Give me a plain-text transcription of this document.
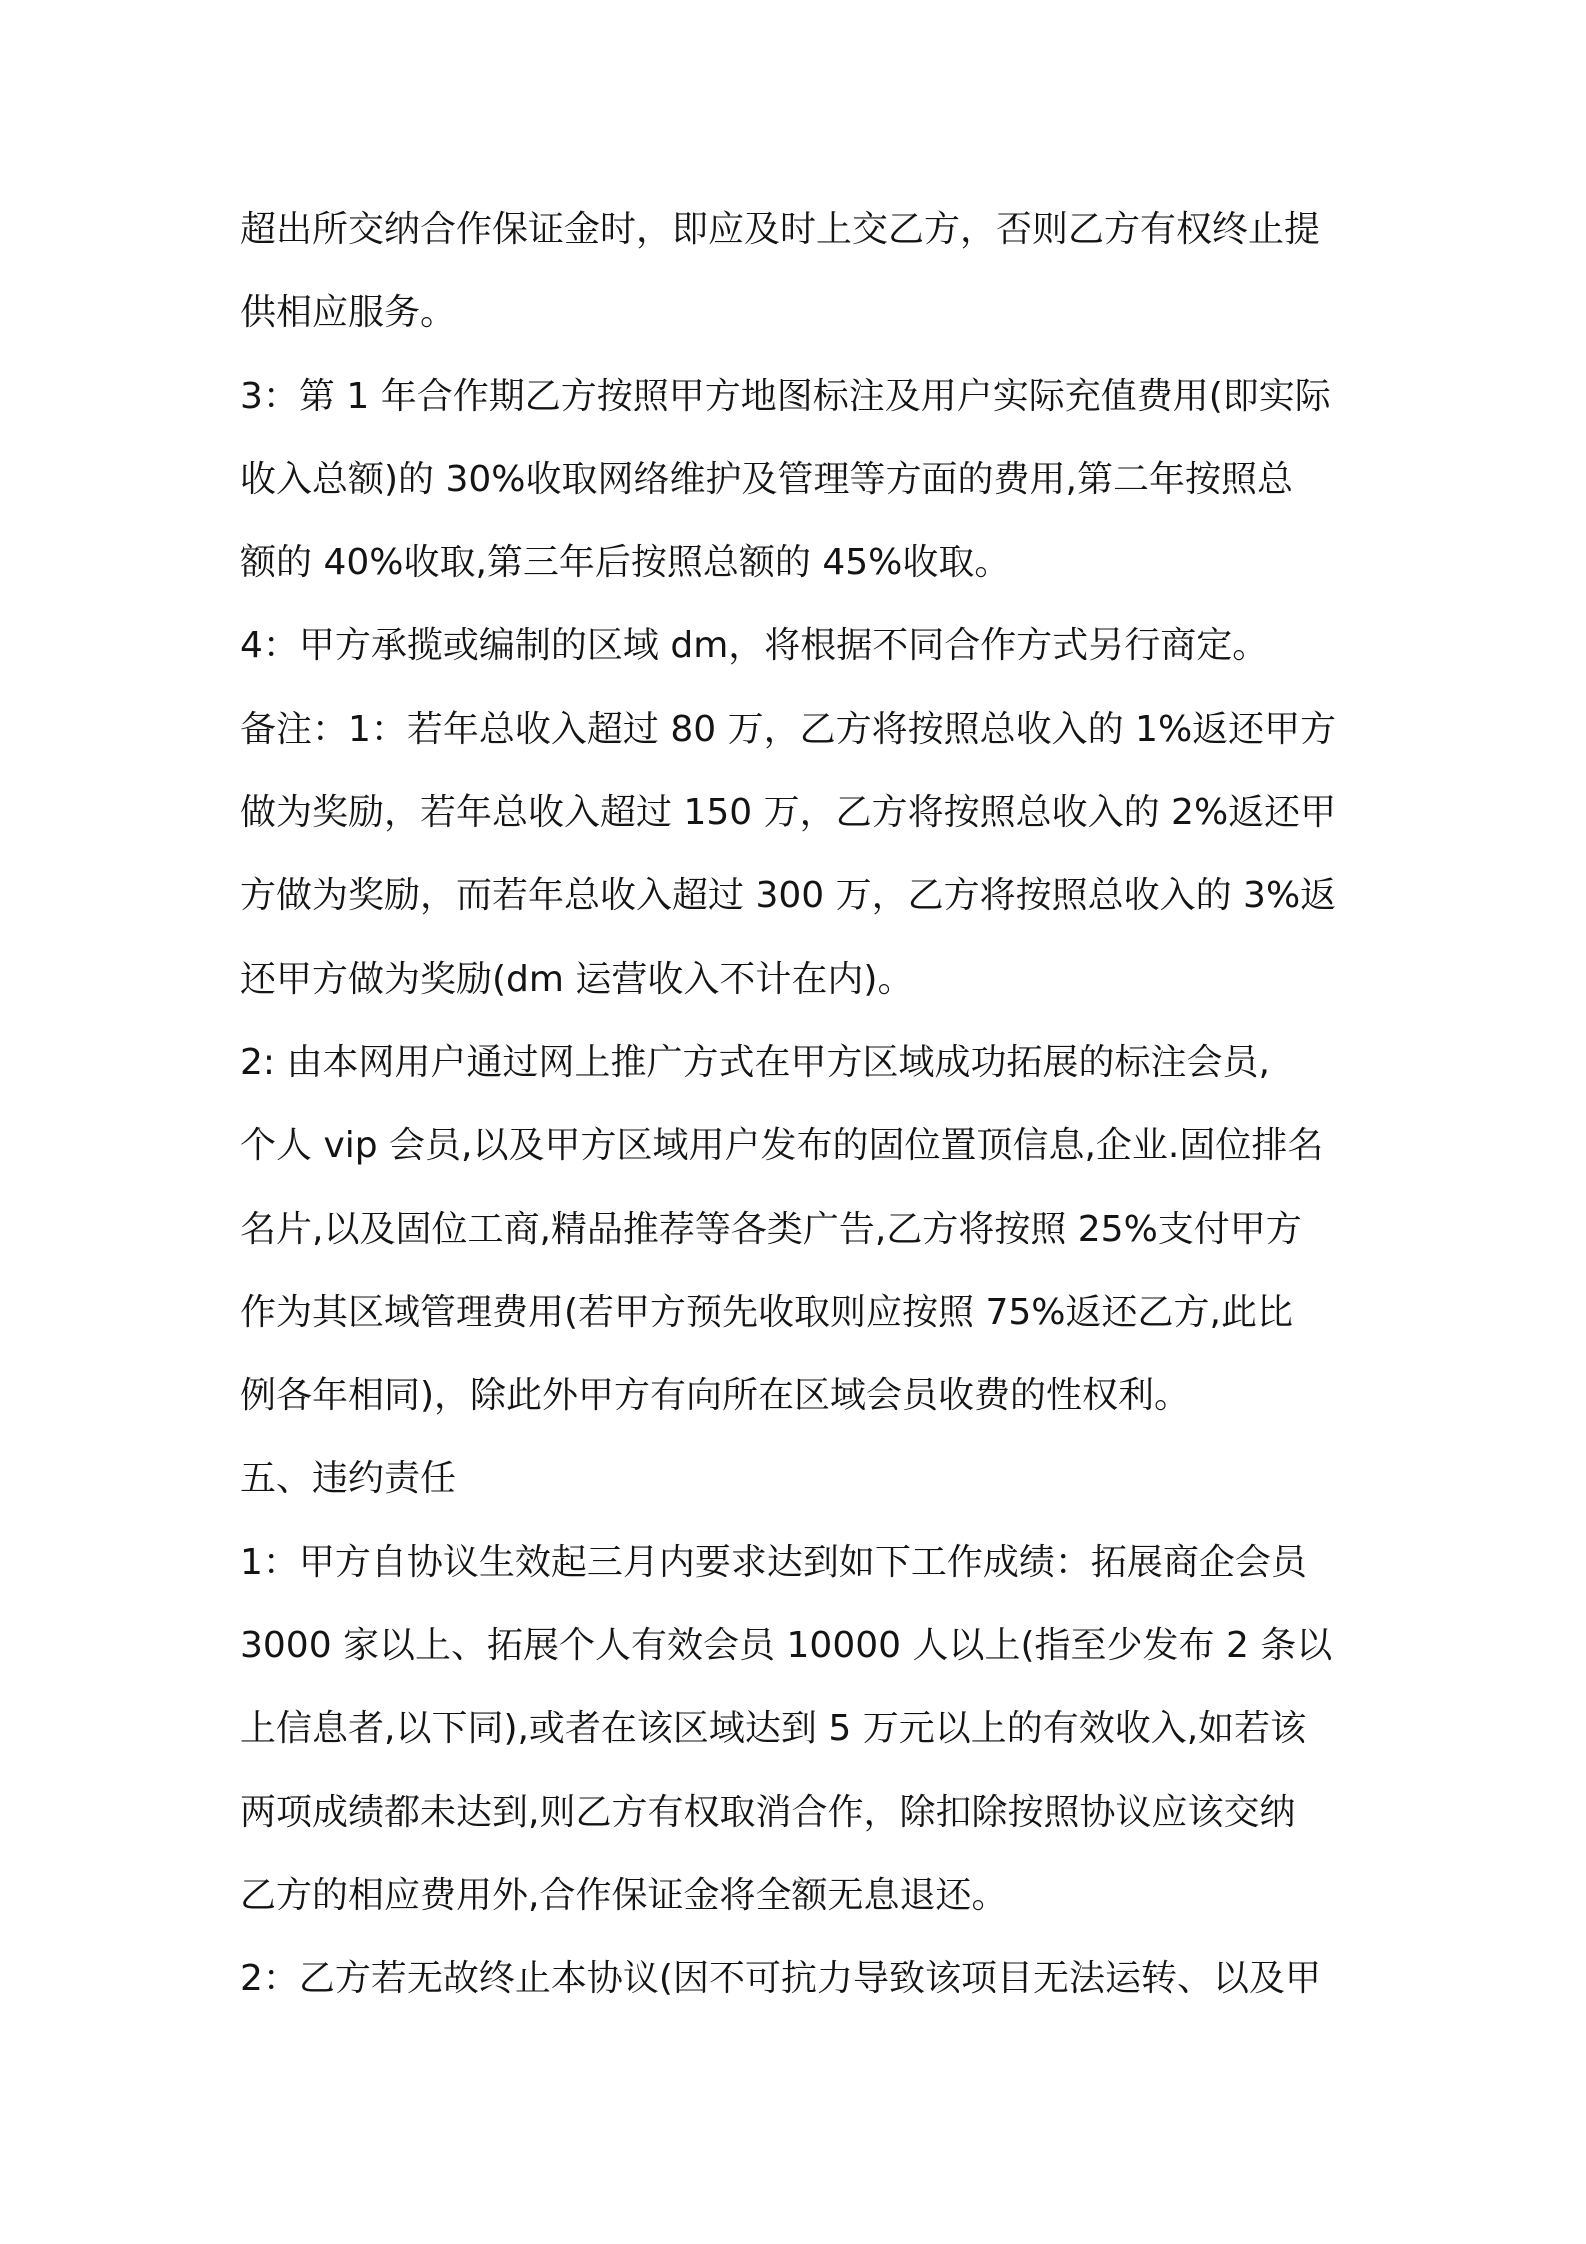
超出所交纳合作保证金时，即应及时上交乙方，否则乙方有权终止提
供相应服务。
3：第 1 年合作期乙方按照甲方地图标注及用户实际充值费用(即实际
收入总额)的 30%收取网络维护及管理等方面的费用,第二年按照总
额的 40%收取,第三年后按照总额的 45%收取。
4：甲方承揽或编制的区域 dm，将根据不同合作方式另行商定。
备注：1：若年总收入超过 80 万，乙方将按照总收入的 1%返还甲方
做为奖励，若年总收入超过 150 万，乙方将按照总收入的 2%返还甲
方做为奖励，而若年总收入超过 300 万，乙方将按照总收入的 3%返
还甲方做为奖励(dm 运营收入不计在内)。
2: 由本网用户通过网上推广方式在甲方区域成功拓展的标注会员,
个人 vip 会员,以及甲方区域用户发布的固位置顶信息,企业.固位排名
名片,以及固位工商,精品推荐等各类广告,乙方将按照 25%支付甲方
作为其区域管理费用(若甲方预先收取则应按照 75%返还乙方,此比
例各年相同)，除此外甲方有向所在区域会员收费的性权利。
五、违约责任
1：甲方自协议生效起三月内要求达到如下工作成绩：拓展商企会员
3000 家以上、拓展个人有效会员 10000 人以上(指至少发布 2 条以
上信息者,以下同),或者在该区域达到 5 万元以上的有效收入,如若该
两项成绩都未达到,则乙方有权取消合作，除扣除按照协议应该交纳
乙方的相应费用外,合作保证金将全额无息退还。
2：乙方若无故终止本协议(因不可抗力导致该项目无法运转、以及甲
